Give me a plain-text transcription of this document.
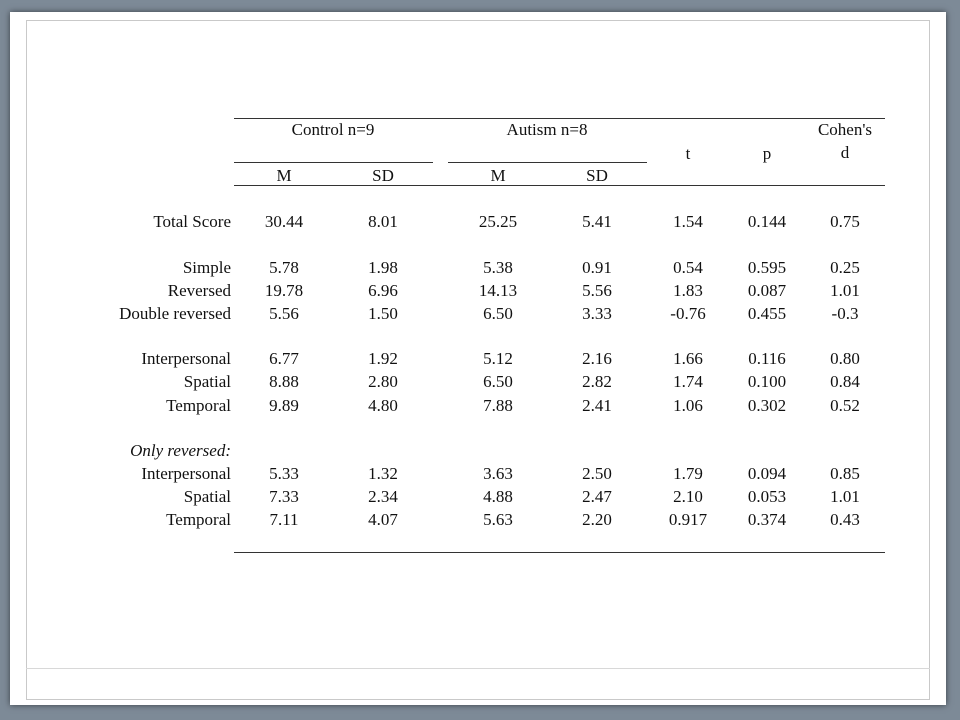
Control n=9	Autism n=8
M	SD	M	SD
t	p
Cohen's
d
Total Score 30.44	8.01	25.25	5.41	1.54	0.144	0.75
Simple 5.78	1.98	5.38	0.91	0.54	0.595	0.25
Reversed 19.78	6.96	14.13	5.56	1.83	0.087	1.01
Double reversed 5.56	1.50	6.50	3.33	-0.76 0.455	-0.3
Interpersonal 6.77	1.92	5.12	2.16	1.66	0.116	0.80
Spatial 8.88	2.80	6.50	2.82	1.74	0.100	0.84
Temporal 9.89	4.80	7.88	2.41	1.06	0.302	0.52
Only reversed:
Interpersonal 5.33	1.32	3.63	2.50	1.79	0.094	0.85
Spatial 7.33	2.34	4.88	2.47	2.10	0.053	1.01
Temporal 7.11	4.07	5.63	2.20	0.917 0.374	0.43
